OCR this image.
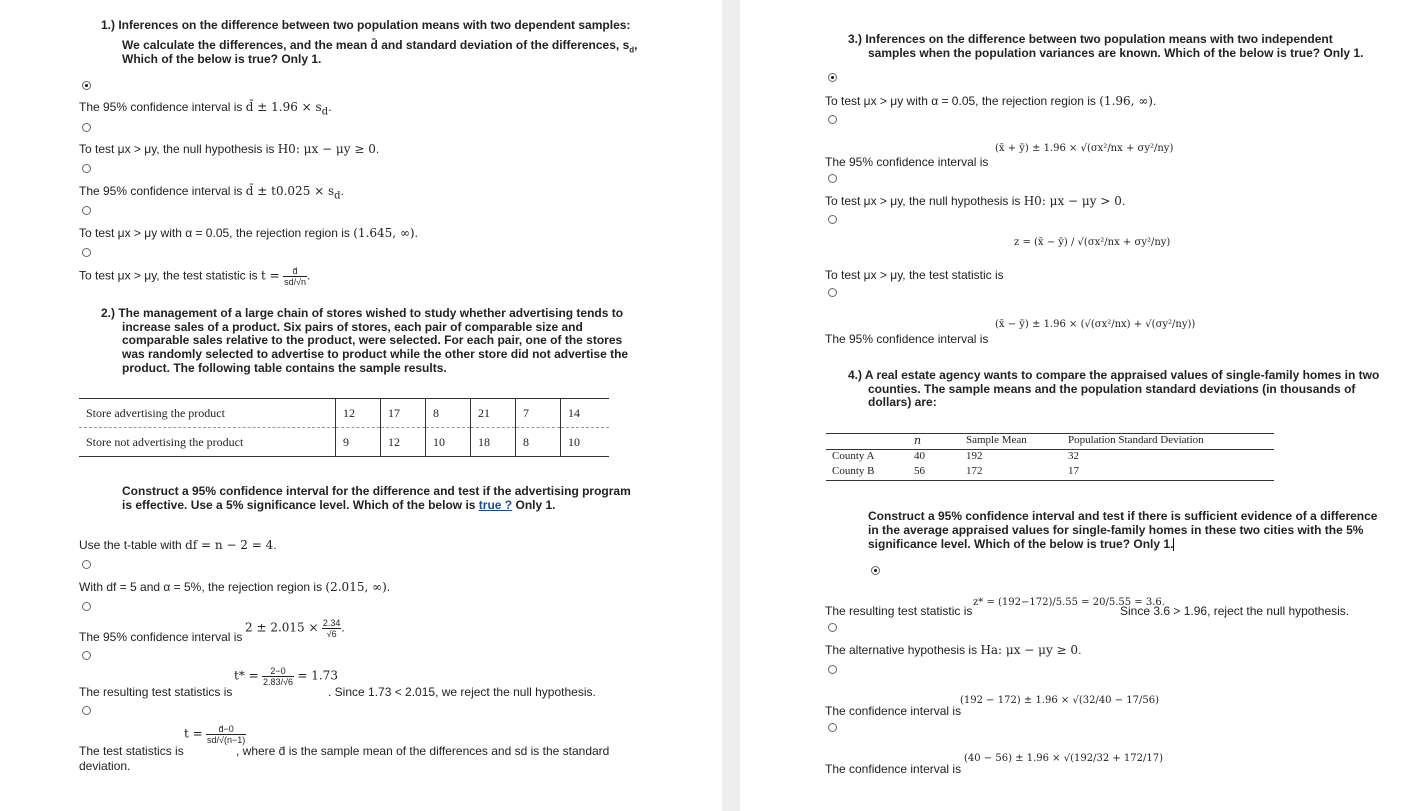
1.) Inferences on the difference between two population means with two dependent samples:
We calculate the differences, and the mean d̄ and standard deviation of the differences, $s_d$,
Which of the below is true? Only 1.
The 95% confidence interval is d̄ ± $1.96 \times s_d$.
To test μx > μy, the null hypothesis is H0: μx − μy ≥ 0.
The 95% confidence interval is d̄ ± $t0.025 \times s_d$.
To test μx > μy with α = 0.05, the rejection region is (1.645, ∞).
To test μx > μy, the test statistic is $t = \frac{d̄}{sd/√n}$ .
2.) The management of a large chain of stores wished to study whether advertising tends to
increase sales of a product. Six pairs of stores, each pair of comparable size and
comparable sales relative to the product, were selected. For each pair, one of the stores
was randomly selected to advertise to product while the other store did not advertise the
product. The following table contains the sample results.
Store advertising the product	12	17	8	21	7	14
Store not advertising the product	9	12	10	18	8	10
Construct a 95% confidence interval for the difference and test if the advertising program
is effective. Use a 5% significance level. Which of the below is true ? Only 1.
Use the t-table with df = n − 2 = 4.
With df = 5 and α = 5%, the rejection region is (2.015, ∞).
The 95% confidence interval is
$2 \pm 2.015 \times \frac{2.34}{√6}$ .
The resulting test statistics is
$t* = \frac{2-0}{2.83/√6} = 1.73$
. Since 1.73 < 2.015, we reject the null hypothesis.
The test statistics is
deviation.
$t = \frac{d̄-0}{sd/√(n-1)}$
, where d̄ is the sample mean of the differences and sd is the standard
3.) Inferences on the difference between two population means with two independent
samples when the population variances are known. Which of the below is true? Only 1.
To test μx > μy with α = 0.05, the rejection region is (1.96, ∞).
The 95% confidence interval is
(x̄ + ȳ) ± 1.96 × √(σx²/nx + σy²/ny)
To test μx > μy, the null hypothesis is H0: μx − μy > 0.
To test μx > μy, the test statistic is
z = (x̄ − ȳ) / √(σx²/nx + σy²/ny)
The 95% confidence interval is
(x̄ − ȳ) ± 1.96 × (√(σx²/nx) + √(σy²/ny))
4.) A real estate agency wants to compare the appraised values of single-family homes in two
counties. The sample means and the population standard deviations (in thousands of
dollars) are:
Construct a 95% confidence interval and test if there is sufficient evidence of a difference
in the average appraised values for single-family homes in these two cities with the 5%
significance level. Which of the below is true? Only 1.
The resulting test statistic is
z* = (192−172)/5.55 = 20/5.55 = 3.6.
Since 3.6 > 1.96, reject the null hypothesis.
The alternative hypothesis is Ha: μx − μy ≥ 0.
The confidence interval is
(192 − 172) ± 1.96 × √(32/40 − 17/56)
The confidence interval is
(40 − 56) ± 1.96 × √(192/32 + 172/17)
	n	Sample Mean	Population Standard Deviation
County A	40	192	32
County B	56	172	17
